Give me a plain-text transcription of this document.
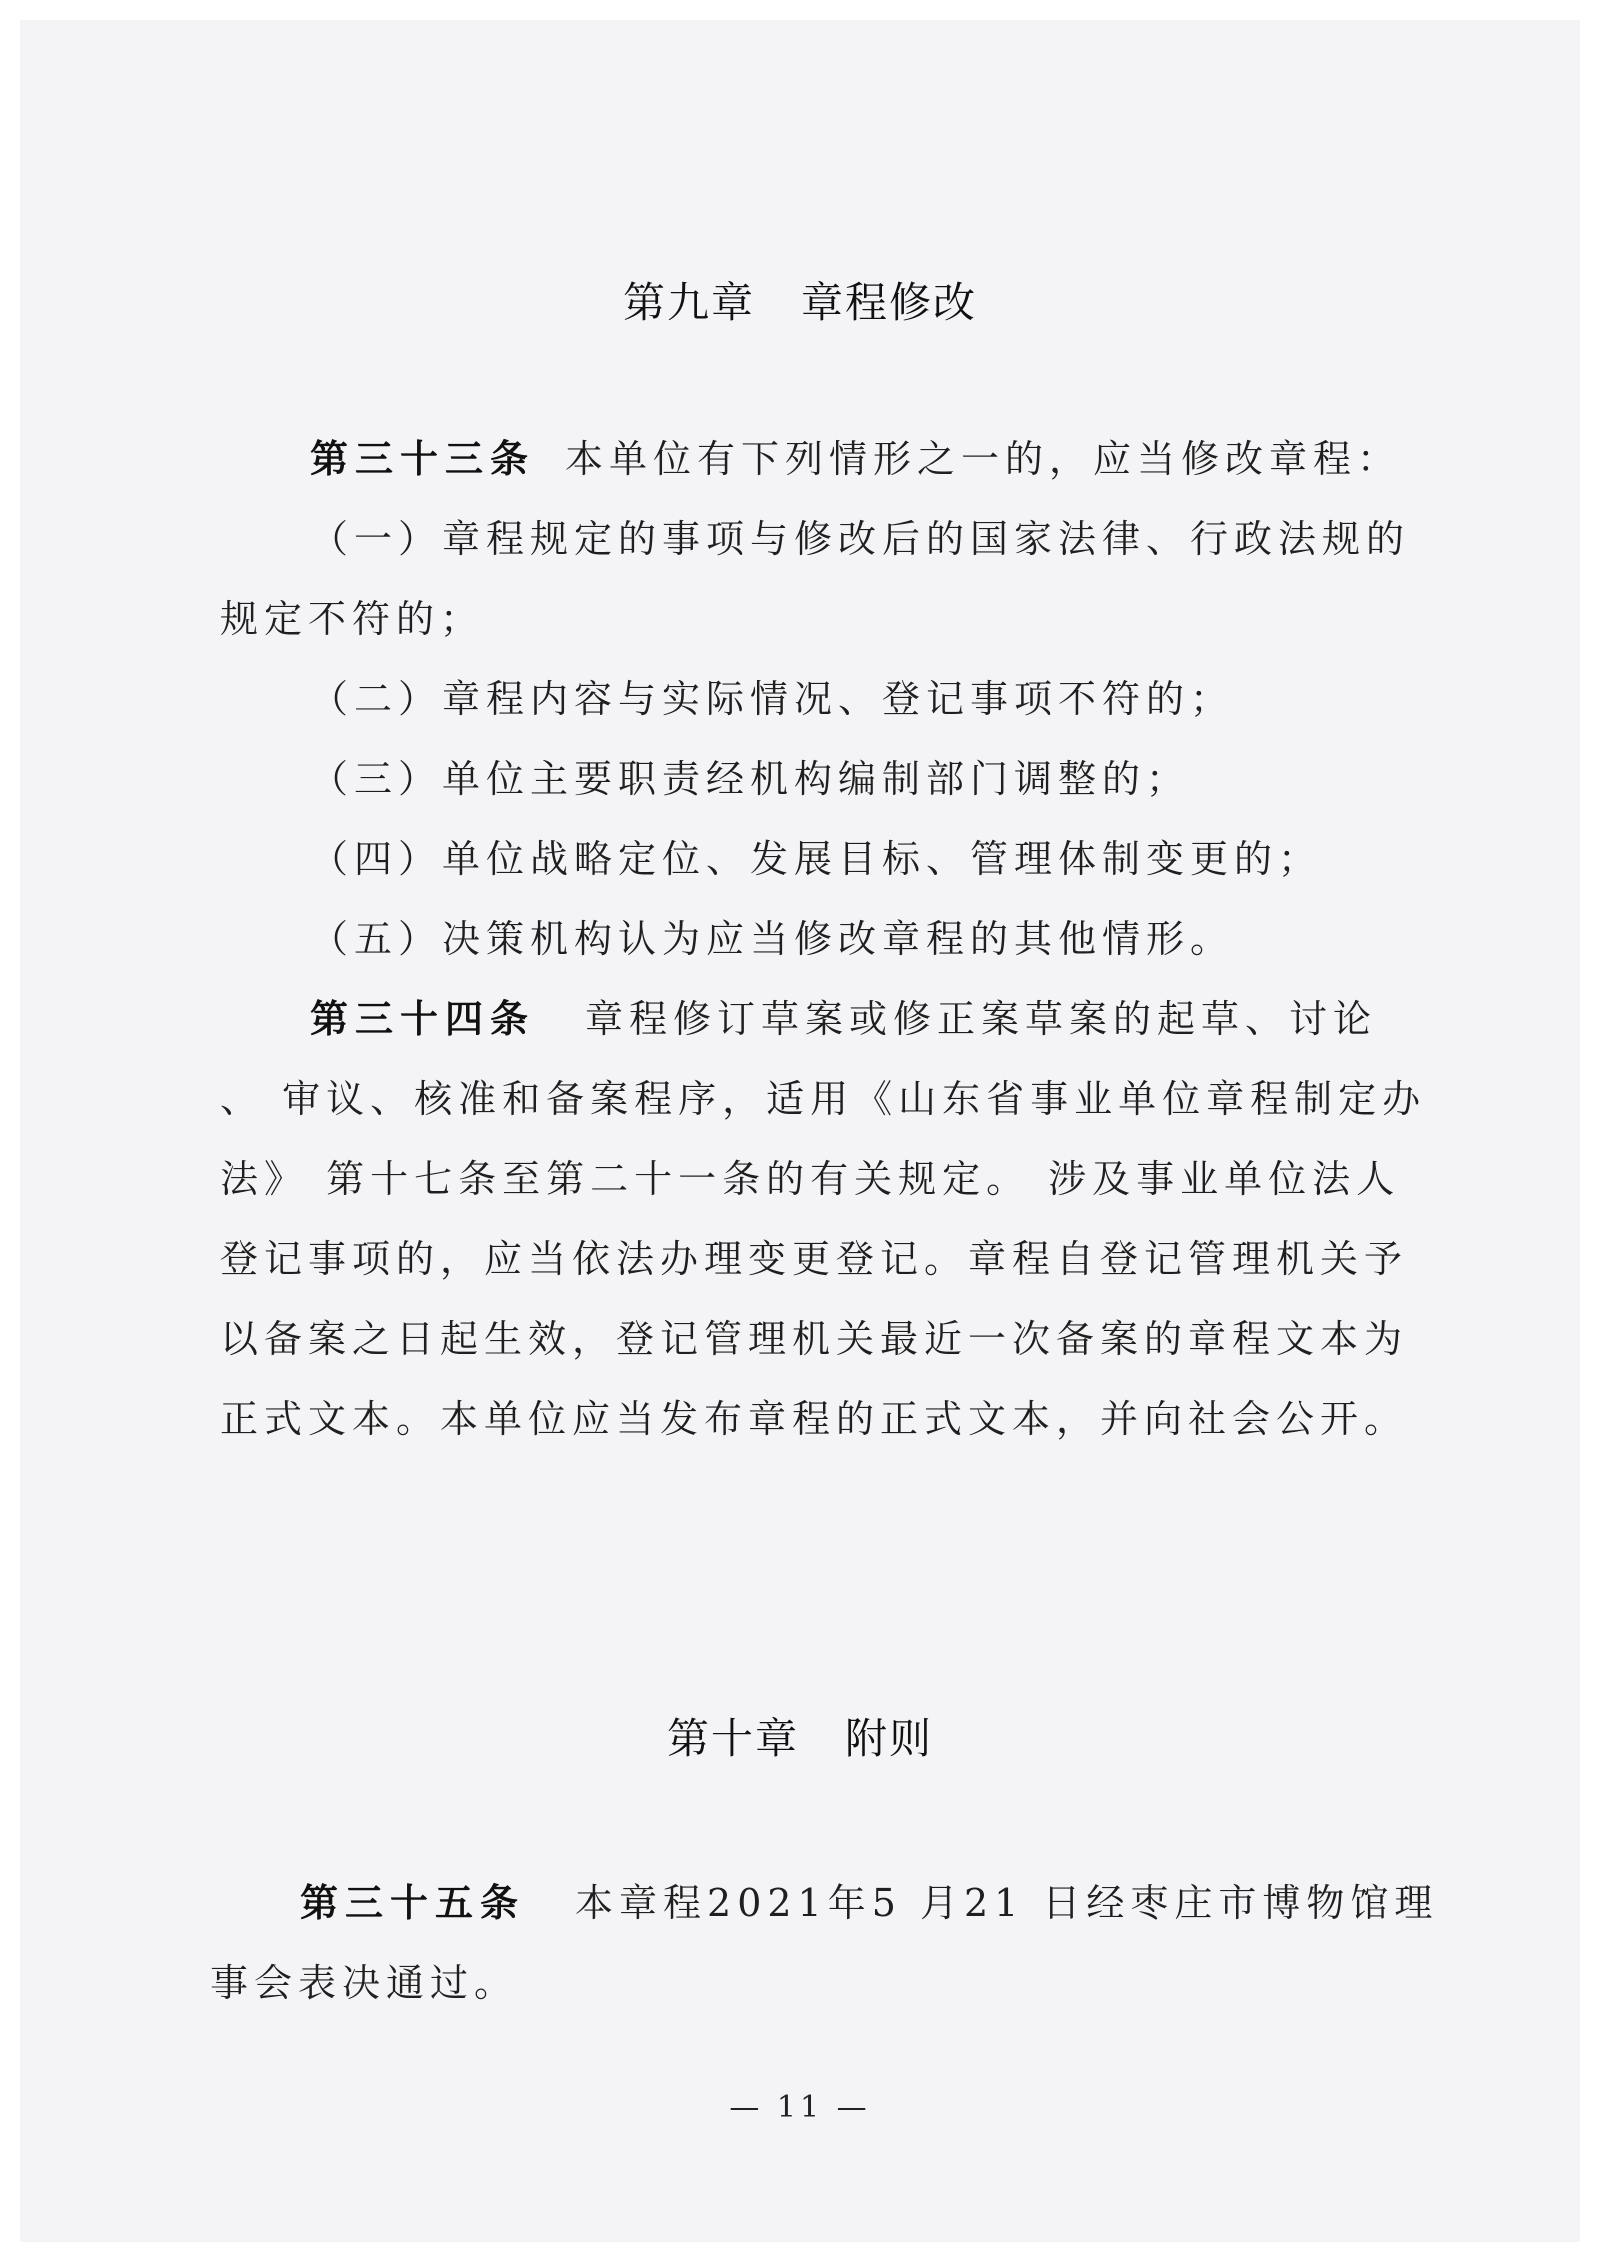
第九章 章程修改
第三十三条 本单位有下列情形之一的，应当修改章程：
（一）章程规定的事项与修改后的国家法律、行政法规的
规定不符的；
（二）章程内容与实际情况、登记事项不符的；
（三）单位主要职责经机构编制部门调整的；
（四）单位战略定位、发展目标、管理体制变更的；
（五）决策机构认为应当修改章程的其他情形。
第三十四条 章程修订草案或修正案草案的起草、讨论
、 审议、核准和备案程序，适用《山东省事业单位章程制定办
法》 第十七条至第二十一条的有关规定。 涉及事业单位法人
登记事项的，应当依法办理变更登记。章程自登记管理机关予
以备案之日起生效，登记管理机关最近一次备案的章程文本为
正式文本。本单位应当发布章程的正式文本，并向社会公开。
第十章 附则
第三十五条 本章程2021年5 月21 日经枣庄市博物馆理
事会表决通过。
— 11 —
